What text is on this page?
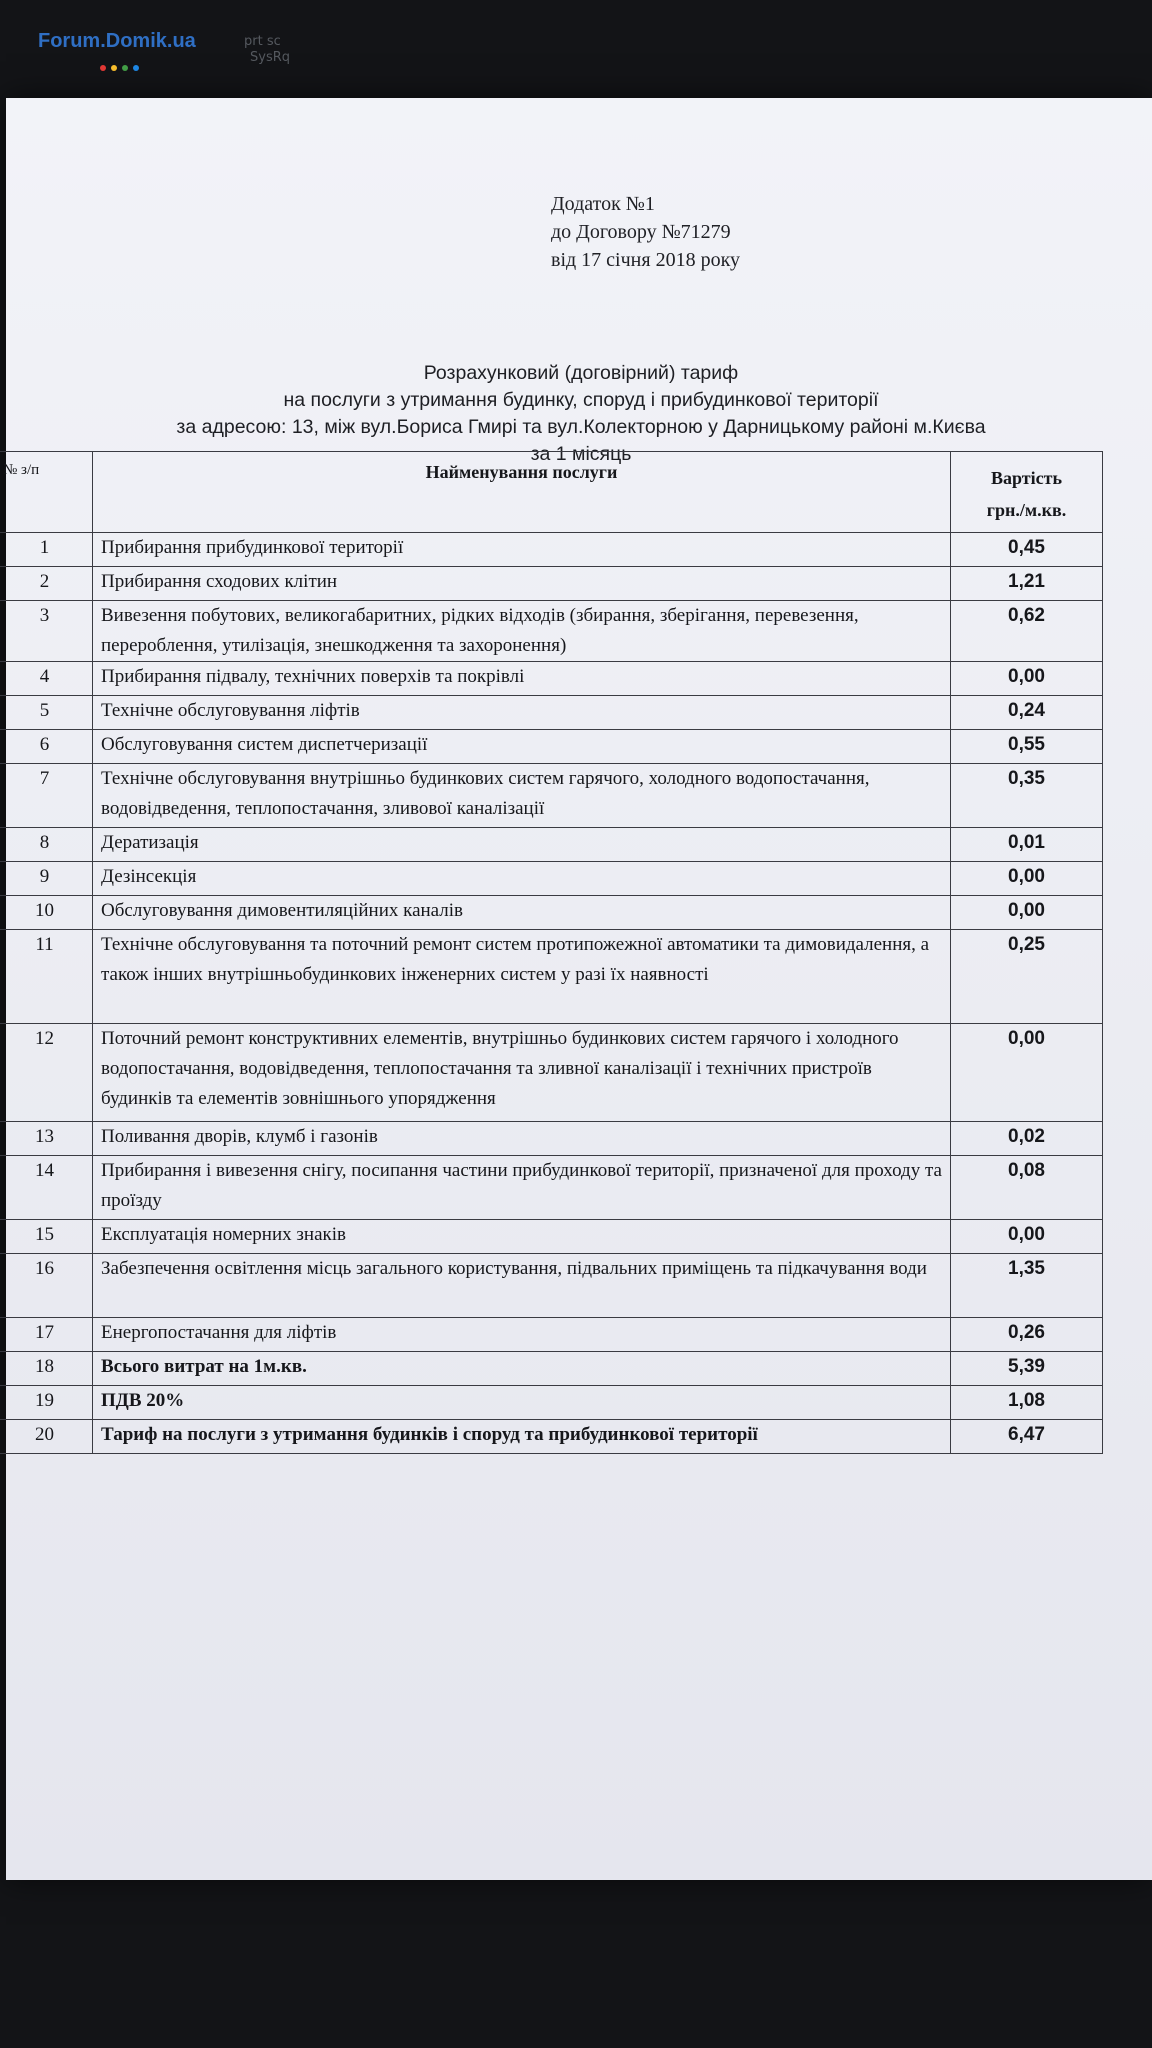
Forum.Domik.ua	prt sc
SysRq
Додаток №1
до Договору №71279
від 17 січня 2018 року
Розрахунковий (договірний) тариф
на послуги з утримання будинку, споруд і прибудинкової території
за адресою: 13, між вул.Бориса Гмирі та вул.Колекторною у Дарницькому районі м.Києва
за 1 місяць
№ з/п	Найменування послуги	Вартість
грн./м.кв.

1	Прибирання прибудинкової території	0,45
2	Прибирання сходових клітин	1,21
3	Вивезення побутових, великогабаритних, рідких відходів (збирання, зберігання, перевезення, перероблення, утилізація, знешкодження та захоронення)	0,62
4	Прибирання підвалу, технічних поверхів та покрівлі	0,00
5	Технічне обслуговування ліфтів	0,24
6	Обслуговування систем диспетчеризації	0,55
7	Технічне обслуговування внутрішньо будинкових систем гарячого, холодного водопостачання, водовідведення, теплопостачання, зливової каналізації	0,35
8	Дератизація	0,01
9	Дезінсекція	0,00
10	Обслуговування димовентиляційних каналів	0,00
11	Технічне обслуговування та поточний ремонт систем протипожежної автоматики та димовидалення, а також інших внутрішньобудинкових інженерних систем у разі їх наявності	0,25
12	Поточний ремонт конструктивних елементів, внутрішньо будинкових систем гарячого і холодного водопостачання, водовідведення, теплопостачання та зливної каналізації і технічних пристроїв будинків та елементів зовнішнього упорядження	0,00
13	Поливання дворів, клумб і газонів	0,02
14	Прибирання і вивезення снігу, посипання частини прибудинкової території, призначеної для проходу та проїзду	0,08
15	Експлуатація номерних знаків	0,00
16	Забезпечення освітлення місць загального користування, підвальних приміщень та підкачування води	1,35
17	Енергопостачання для ліфтів	0,26
18	Всього витрат на 1м.кв.	5,39
19	ПДВ 20%	1,08
20	Тариф на послуги з утримання будинків і споруд та прибудинкової території	6,47
